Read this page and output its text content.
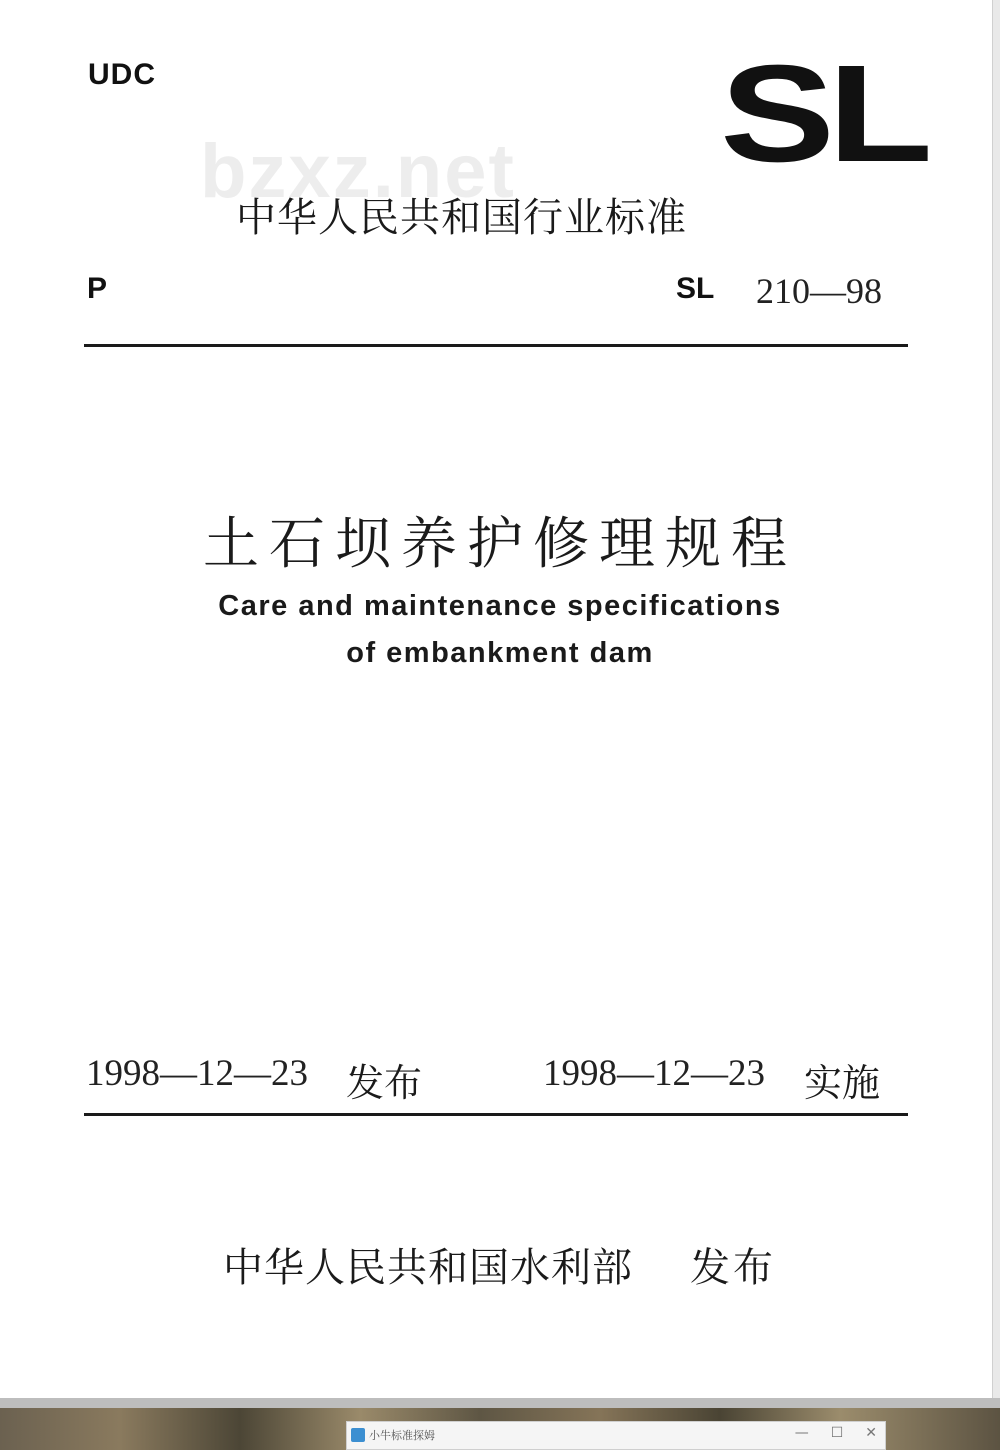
UDC	SL
bzxz.net
中华人民共和国行业标准
P	SL 210—98
土石坝养护修理规程
Care and maintenance specifications
of embankment dam
1998—12—23 发布	1998—12—23 实施
中华人民共和国水利部 发布
小牛标准探姆	— ☐ ✕
